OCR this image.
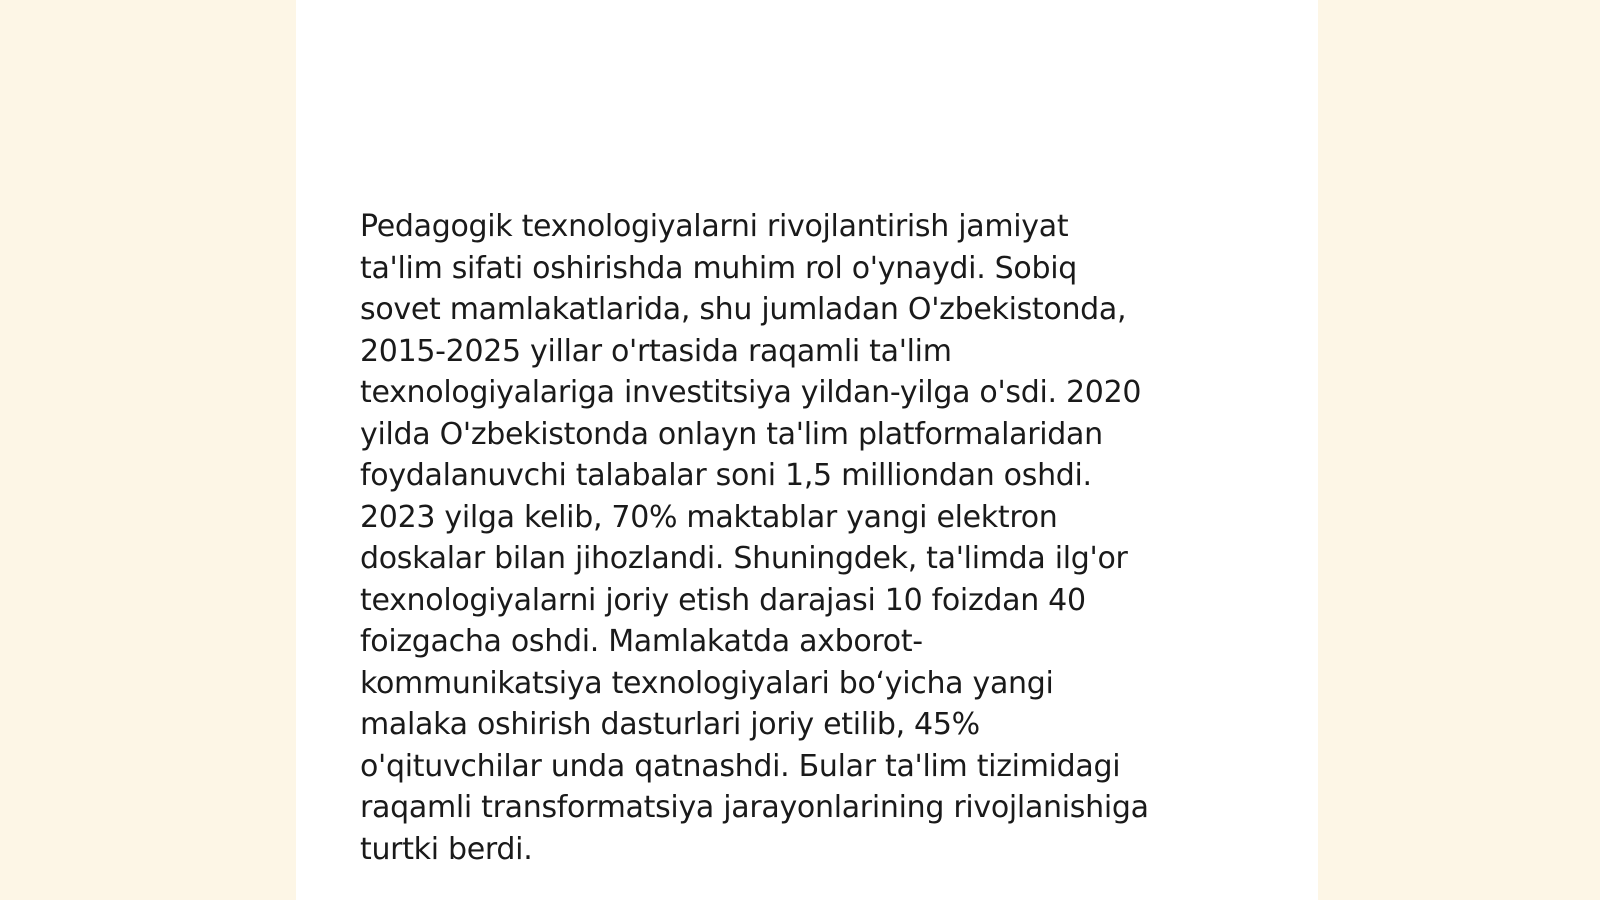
Pedagogik texnologiyalarni rivojlantirish jamiyat
ta'lim sifati oshirishda muhim rol o'ynaydi. Sobiq
sovet mamlakatlarida, shu jumladan O'zbekistonda,
2015-2025 yillar o'rtasida raqamli ta'lim
texnologiyalariga investitsiya yildan-yilga o'sdi. 2020
yilda O'zbekistonda onlayn ta'lim platformalaridan
foydalanuvchi talabalar soni 1,5 milliondan oshdi.
2023 yilga kelib, 70% maktablar yangi elektron
doskalar bilan jihozlandi. Shuningdek, ta'limda ilg'or
texnologiyalarni joriy etish darajasi 10 foizdan 40
foizgacha oshdi. Mamlakatda axborot-
kommunikatsiya texnologiyalari bo‘yicha yangi
malaka oshirish dasturlari joriy etilib, 45%
o'qituvchilar unda qatnashdi. Бular ta'lim tizimidagi
raqamli transformatsiya jarayonlarining rivojlanishiga
turtki berdi.
